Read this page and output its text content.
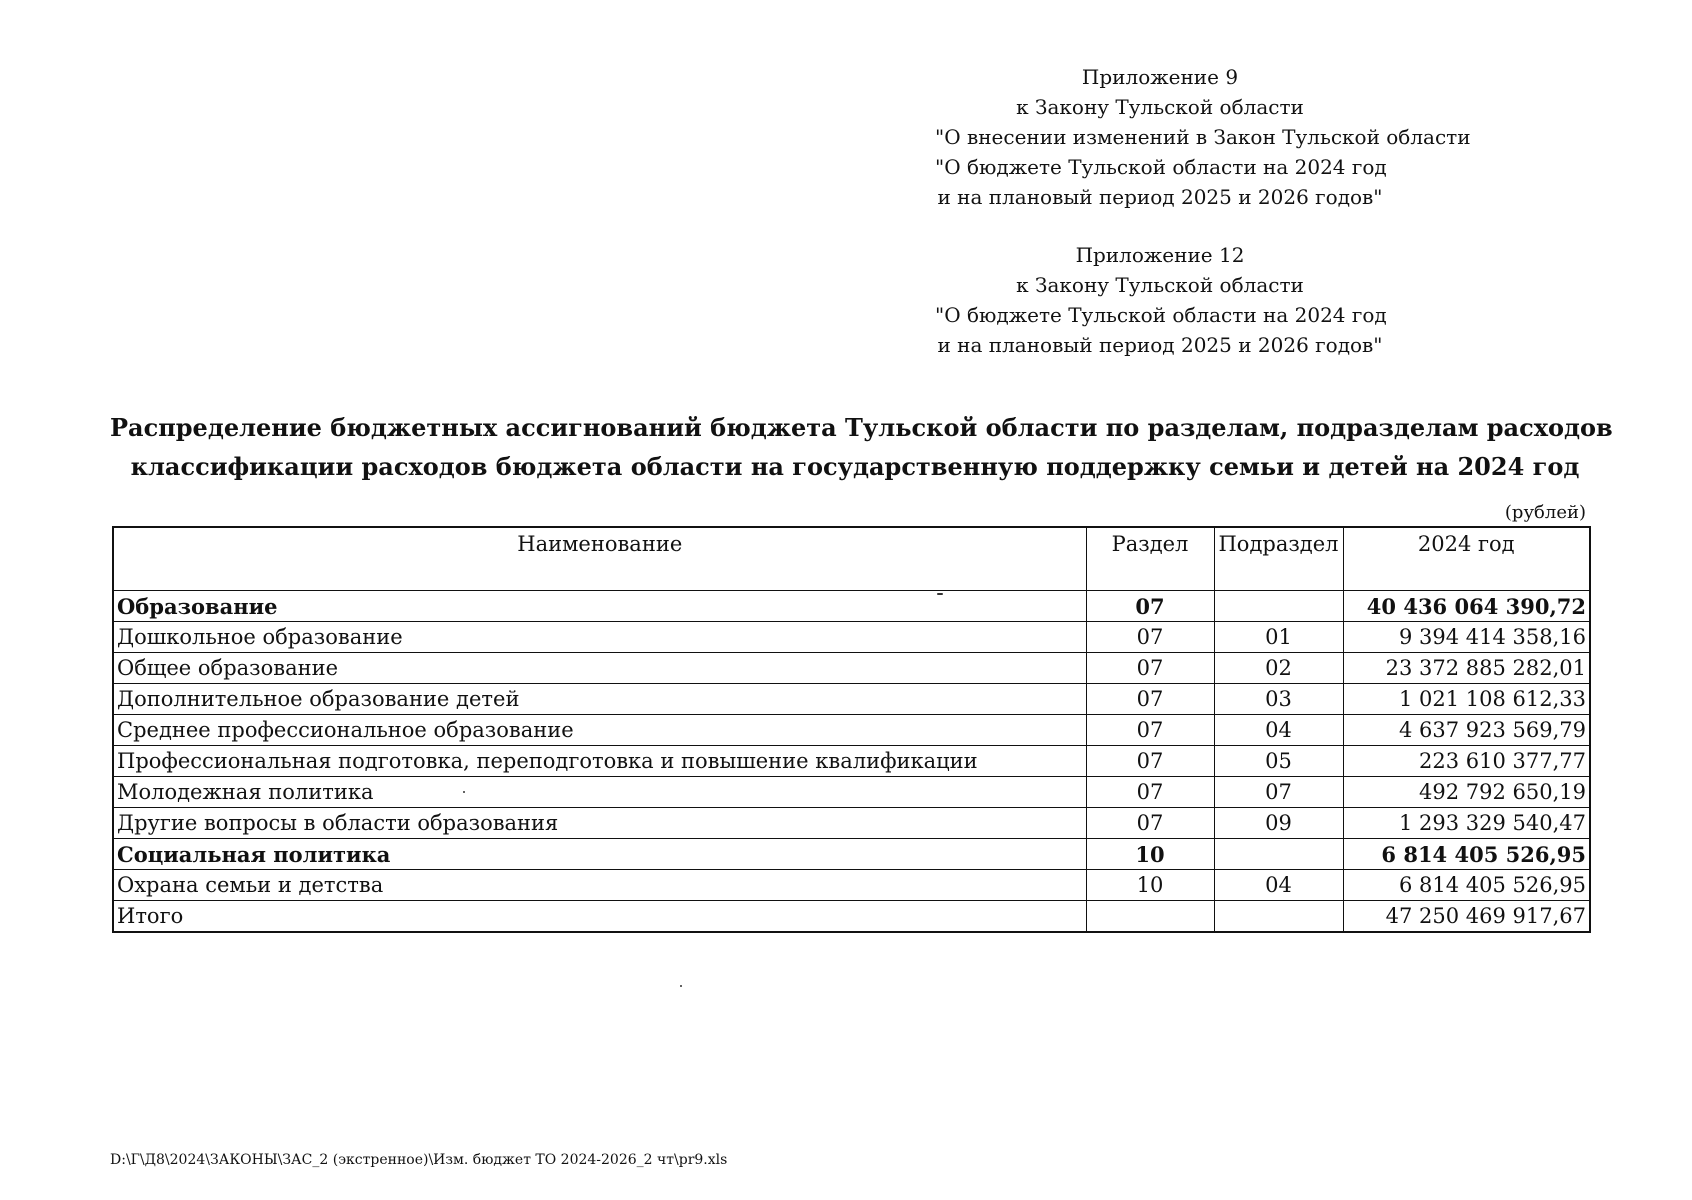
Приложение 9
к Закону Тульской области
"О внесении изменений в Закон Тульской области
"О бюджете Тульской области на 2024 год
и на плановый период 2025 и 2026 годов"
Приложение 12
к Закону Тульской области
"О бюджете Тульской области на 2024 год
и на плановый период 2025 и 2026 годов"
Распределение бюджетных ассигнований бюджета Тульской области по разделам, подразделам расходов
классификации расходов бюджета области на государственную поддержку семьи и детей на 2024 год
(рублей)
Наименование	Раздел	Подраздел	2024 год
Образование	07		40 436 064 390,72
Дошкольное образование	07	01	9 394 414 358,16
Общее образование	07	02	23 372 885 282,01
Дополнительное образование детей	07	03	1 021 108 612,33
Среднее профессиональное образование	07	04	4 637 923 569,79
Профессиональная подготовка, переподготовка и повышение квалификации	07	05	223 610 377,77
Молодежная политика	07	07	492 792 650,19
Другие вопросы в области образования	07	09	1 293 329 540,47
Социальная политика	10		6 814 405 526,95
Охрана семьи и детства	10	04	6 814 405 526,95
Итого			47 250 469 917,67
D:\Г\Д8\2024\ЗАКОНЫ\ЗАС_2 (экстренное)\Изм. бюджет ТО 2024-2026_2 чт\pr9.xls
